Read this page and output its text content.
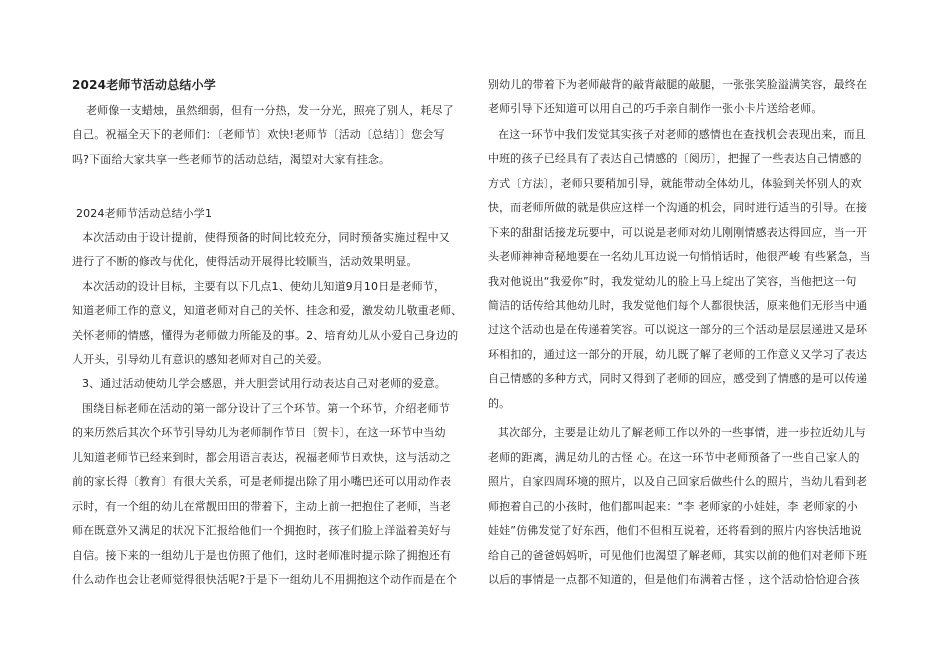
2024老师节活动总结小学
老师像一支蜡烛，虽然细弱，但有一分热，发一分光，照亮了别人，耗尽了
自己。祝福全天下的老师们：〔老师节〕欢快!老师节〔活动〔总结〕〕您会写
吗?下面给大家共享一些老师节的活动总结，渴望对大家有挂念。
2024老师节活动总结小学1
本次活动由于设计提前，使得预备的时间比较充分，同时预备实施过程中又
进行了不断的修改与优化，使得活动开展得比较顺当，活动效果明显。
本次活动的设计目标，主要有以下几点1、使幼儿知道9月10日是老师节，
知道老师工作的意义，知道老师对自己的关怀、挂念和爱，激发幼儿敬重老师、
关怀老师的情感，懂得为老师做力所能及的事。2、培育幼儿从小爱自己身边的
人开头，引导幼儿有意识的感知老师对自己的关爱。
3、通过活动使幼儿学会感恩，并大胆尝试用行动表达自己对老师的爱意。
围绕目标老师在活动的第一部分设计了三个环节。第一个环节，介绍老师节
的来历然后其次个环节引导幼儿为老师制作节日〔贺卡〕，在这一环节中当幼
儿知道老师节已经来到时，都会用语言表达，祝福老师节日欢快，这与活动之
前的家长得〔教育〕有很大关系，可是老师提出除了用小嘴巴还可以用动作表
示时，有一个组的幼儿在常靓田田的带着下，主动上前一把抱住了老师，当老
师在既意外又满足的状况下汇报给他们一个拥抱时，孩子们脸上洋溢着美好与
自信。接下来的一组幼儿于是也仿照了他们，这时老师准时提示除了拥抱还有
什么动作也会让老师觉得很快活呢?于是下一组幼儿不用拥抱这个动作而是在个
别幼儿的带着下为老师敲背的敲背敲腿的敲腿，一张张笑脸溢满笑容，最终在
老师引导下还知道可以用自己的巧手亲自制作一张小卡片送给老师。
在这一环节中我们发觉其实孩子对老师的感情也在查找机会表现出来，而且
中班的孩子已经具有了表达自己情感的〔阅历〕，把握了一些表达自己情感的
方式〔方法〕，老师只要稍加引导，就能带动全体幼儿，体验到关怀别人的欢
快，而老师所做的就是供应这样一个沟通的机会，同时进行适当的引导。在接
下来的甜甜话接龙玩要中，可以说是老师对幼儿刚刚情感表达得回应，当一开
头老师神神奇秘地要在一名幼儿耳边说一句悄悄话时，他很严峻 有些紧急，当
我对他说出“我爱你”时，我发觉幼儿的脸上马上绽出了笑容，当他把这一句
简洁的话传给其他幼儿时，我发觉他们每个人都很快活，原来他们无形当中通
过这个活动也是在传递着笑容。可以说这一部分的三个活动是层层递进又是环
环相扣的，通过这一部分的开展，幼儿既了解了老师的工作意义又学习了表达
自己情感的多种方式，同时又得到了老师的回应，感受到了情感的是可以传递
的。
其次部分，主要是让幼儿了解老师工作以外的一些事情，进一步拉近幼儿与
老师的距离，满足幼儿的古怪 心。在这一环节中老师预备了一些自己家人的
照片，自家四周环境的照片，以及自己回家后做些什么的照片，当幼儿看到老
师抱着自己的小孩时，他们都叫起来：“李 老师家的小娃娃，李 老师家的小
娃娃”仿佛发觉了好东西，他们不但相互说着，还将看到的照片内容快活地说
给自己的爸爸妈妈听，可见他们也渴望了解老师，其实以前的他们对老师下班
以后的事情是一点都不知道的，但是他们布满着古怪 ，这个活动恰恰迎合孩
